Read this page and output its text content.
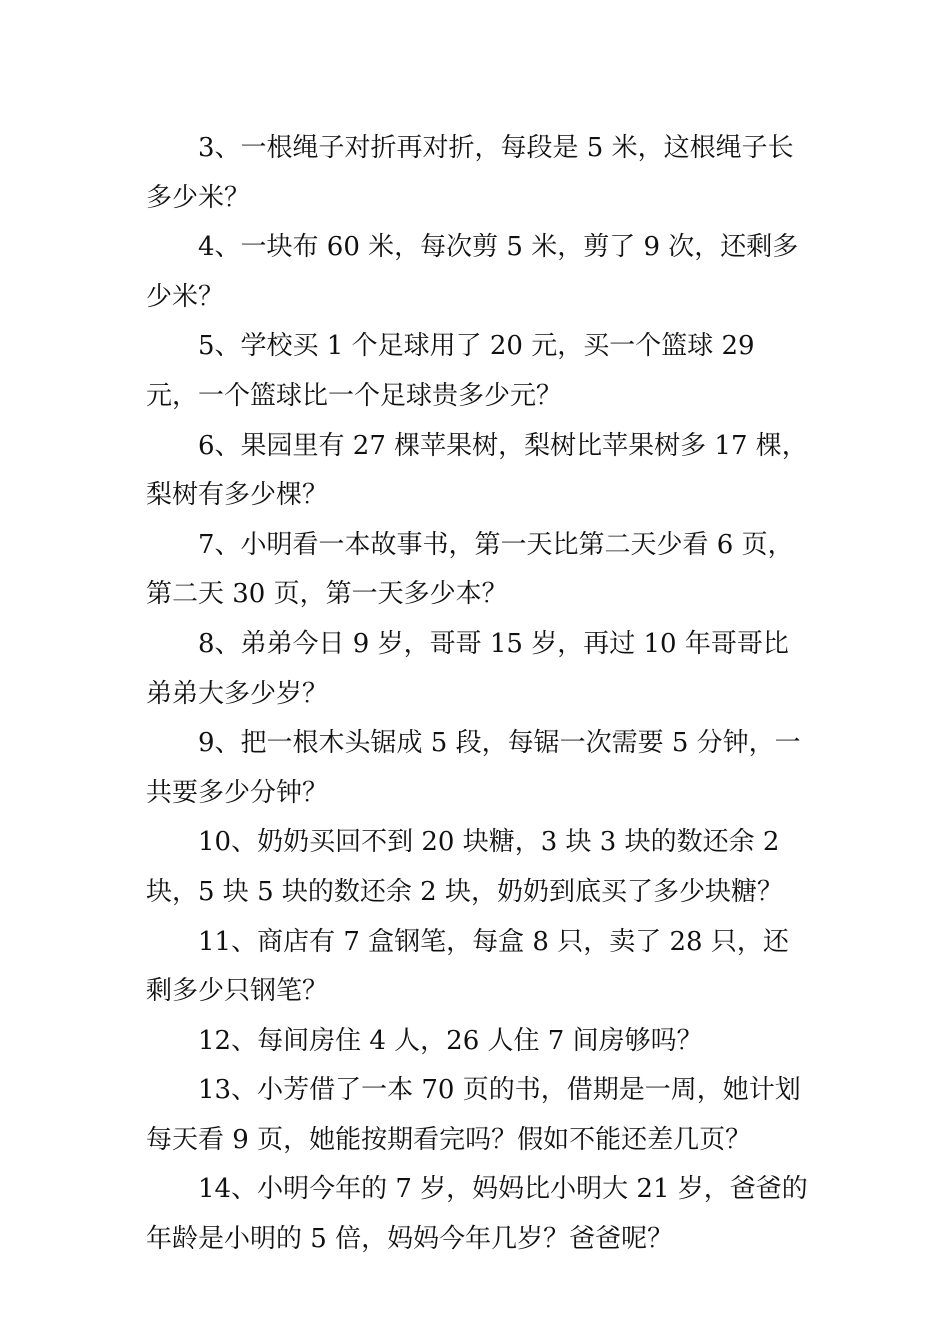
3、一根绳子对折再对折，每段是 5 米，这根绳子长多少米？

4、一块布 60 米，每次剪 5 米，剪了 9 次，还剩多少米？

5、学校买 1 个足球用了 20 元，买一个篮球 29 元，一个篮球比一个足球贵多少元？

6、果园里有 27 棵苹果树，梨树比苹果树多 17 棵，梨树有多少棵？

7、小明看一本故事书，第一天比第二天少看 6 页，第二天 30 页，第一天多少本？

8、弟弟今日 9 岁，哥哥 15 岁，再过 10 年哥哥比弟弟大多少岁？

9、把一根木头锯成 5 段，每锯一次需要 5 分钟，一共要多少分钟？

10、奶奶买回不到 20 块糖，3 块 3 块的数还余 2 块，5 块 5 块的数还余 2 块，奶奶到底买了多少块糖？

11、商店有 7 盒钢笔，每盒 8 只，卖了 28 只，还剩多少只钢笔？

12、每间房住 4 人，26 人住 7 间房够吗？

13、小芳借了一本 70 页的书，借期是一周，她计划每天看 9 页，她能按期看完吗？假如不能还差几页？

14、小明今年的 7 岁，妈妈比小明大 21 岁，爸爸的年龄是小明的 5 倍，妈妈今年几岁？爸爸呢？
